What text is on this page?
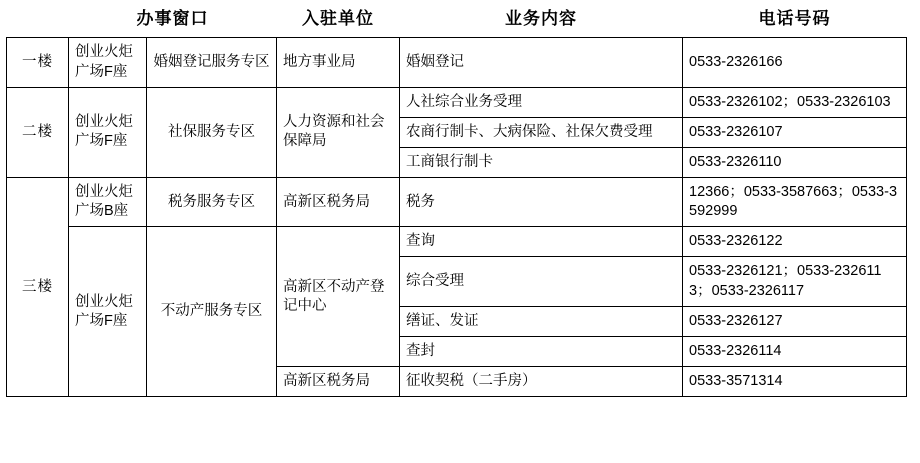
	办事窗口		入驻单位	业务内容	电话号码
一楼	创业火炬广场F座	婚姻登记服务专区	地方事业局	婚姻登记	0533-2326166
二楼	创业火炬广场F座	社保服务专区	人力资源和社会保障局	人社综合业务受理	0533-2326102；0533-2326103
				农商行制卡、大病保险、社保欠费受理	0533-2326107
				工商银行制卡	0533-2326110
三楼	创业火炬广场B座	税务服务专区	高新区税务局	税务	12366；0533-3587663；0533-3592999
	创业火炬广场F座	不动产服务专区	高新区不动产登记中心	查询	0533-2326122
				综合受理	0533-2326121；0533-2326113；0533-2326117
				缮证、发证	0533-2326127
				查封	0533-2326114
			高新区税务局	征收契税（二手房）	0533-3571314
